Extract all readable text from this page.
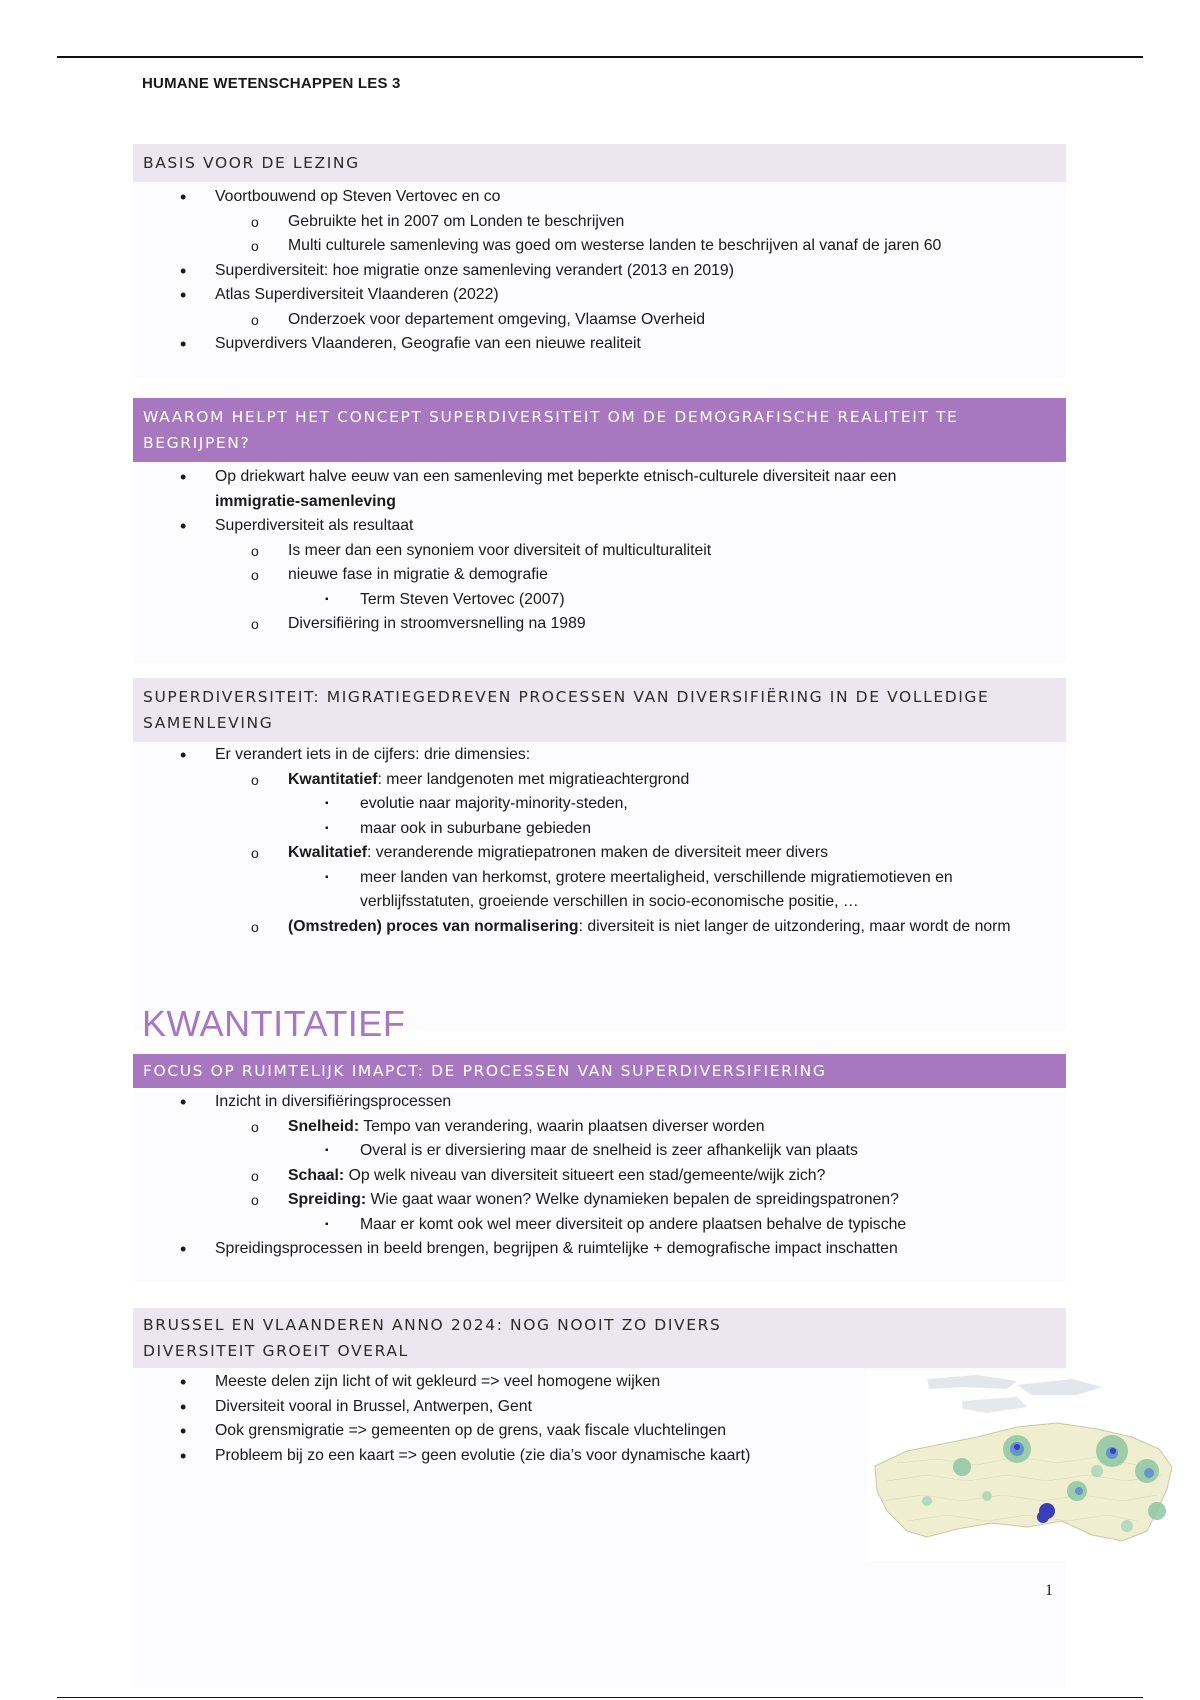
HUMANE WETENSCHAPPEN LES 3
BASIS VOOR DE LEZING
• Voortbouwend op Steven Vertovec en co
o Gebruikte het in 2007 om Londen te beschrijven
o Multi culturele samenleving was goed om westerse landen te beschrijven al vanaf de jaren 60
• Superdiversiteit: hoe migratie onze samenleving verandert (2013 en 2019)
• Atlas Superdiversiteit Vlaanderen (2022)
o Onderzoek voor departement omgeving, Vlaamse Overheid
• Supverdivers Vlaanderen, Geografie van een nieuwe realiteit
WAAROM HELPT HET CONCEPT SUPERDIVERSITEIT OM DE DEMOGRAFISCHE REALITEIT TE BEGRIJPEN?
• Op driekwart halve eeuw van een samenleving met beperkte etnisch-culturele diversiteit naar een
immigratie-samenleving
• Superdiversiteit als resultaat
o Is meer dan een synoniem voor diversiteit of multiculturaliteit
o nieuwe fase in migratie & demografie
▪ Term Steven Vertovec (2007)
o Diversifiëring in stroomversnelling na 1989
SUPERDIVERSITEIT: MIGRATIEGEDREVEN PROCESSEN VAN DIVERSIFIËRING IN DE VOLLEDIGE SAMENLEVING
• Er verandert iets in de cijfers: drie dimensies:
o Kwantitatief: meer landgenoten met migratieachtergrond
▪ evolutie naar majority-minority-steden,
▪ maar ook in suburbane gebieden
o Kwalitatief: veranderende migratiepatronen maken de diversiteit meer divers
▪ meer landen van herkomst, grotere meertaligheid, verschillende migratiemotieven en verblijfsstatuten, groeiende verschillen in socio-economische positie, …
o (Omstreden) proces van normalisering: diversiteit is niet langer de uitzondering, maar wordt de norm
KWANTITATIEF
FOCUS OP RUIMTELIJK IMAPCT: DE PROCESSEN VAN SUPERDIVERSIFIERING
• Inzicht in diversifiëringsprocessen
o Snelheid: Tempo van verandering, waarin plaatsen diverser worden
▪ Overal is er diversiering maar de snelheid is zeer afhankelijk van plaats
o Schaal: Op welk niveau van diversiteit situeert een stad/gemeente/wijk zich?
o Spreiding: Wie gaat waar wonen? Welke dynamieken bepalen de spreidingspatronen?
▪ Maar er komt ook wel meer diversiteit op andere plaatsen behalve de typische
• Spreidingsprocessen in beeld brengen, begrijpen & ruimtelijke + demografische impact inschatten
BRUSSEL EN VLAANDEREN ANNO 2024: NOG NOOIT ZO DIVERS
DIVERSITEIT GROEIT OVERAL
• Meeste delen zijn licht of wit gekleurd => veel homogene wijken
• Diversiteit vooral in Brussel, Antwerpen, Gent
• Ook grensmigratie => gemeenten op de grens, vaak fiscale vluchtelingen
• Probleem bij zo een kaart => geen evolutie (zie dia’s voor dynamische kaart)
1
